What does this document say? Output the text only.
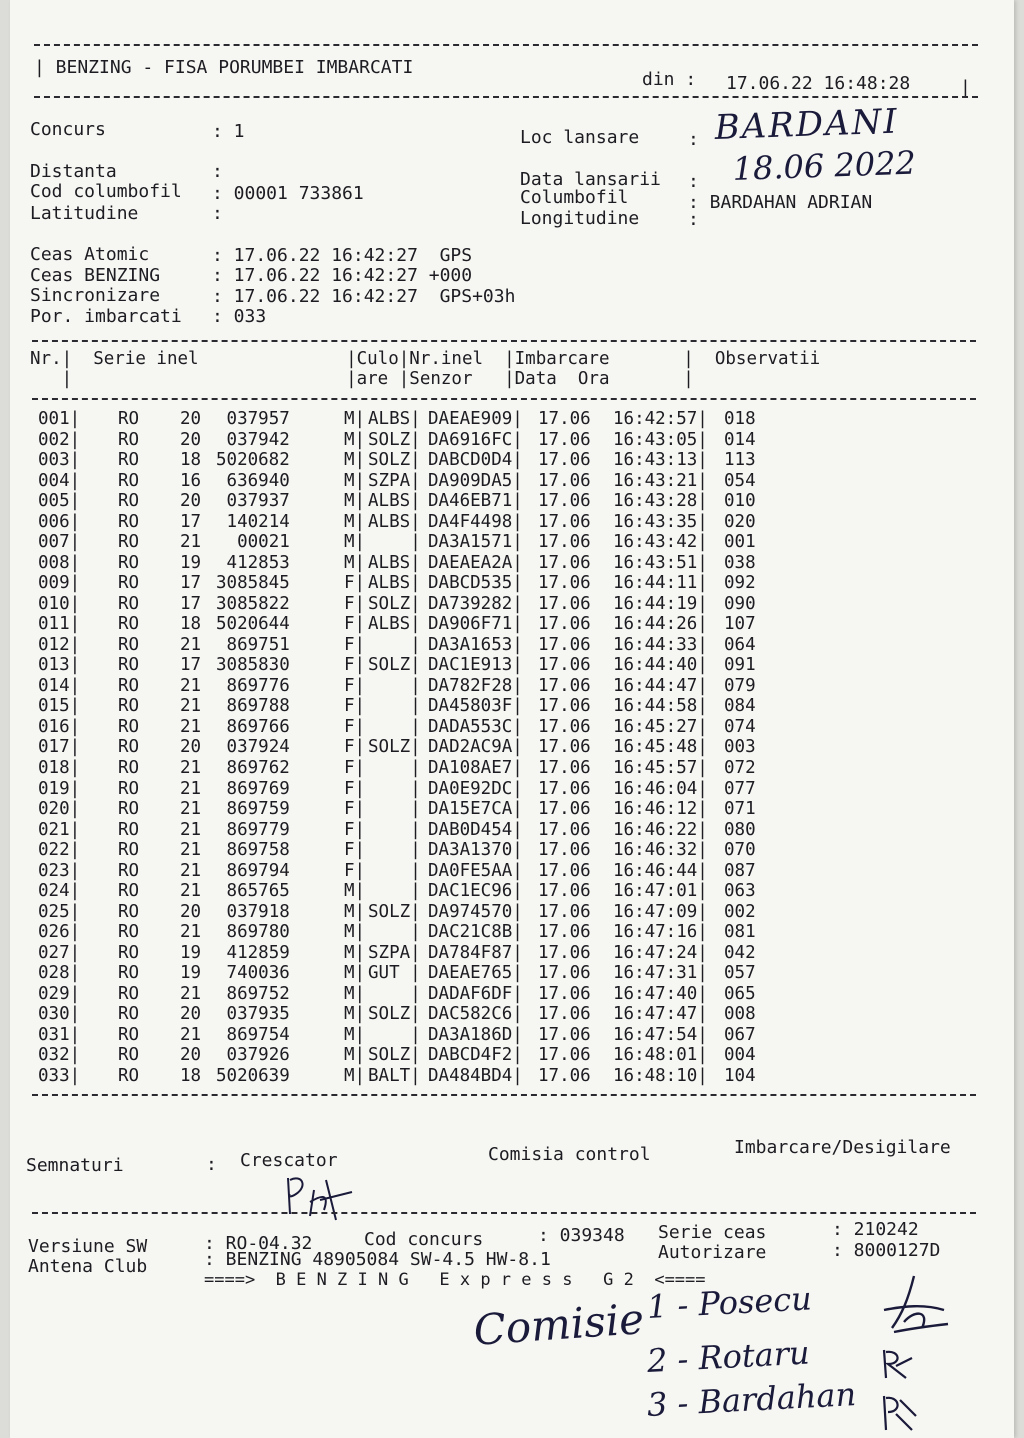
| BENZING - FISA PORUMBEI IMBARCATI
din : 17.06.22 16:48:28	|
Concurs	: 1
Distanta	:
Cod columbofil : 00001 733861
Latitudine	:
Loc lansare	: BARDANI
Data lansarii : 18.06 2022
Columbofil	: BARDAHAN ADRIAN
Longitudine	:
Ceas Atomic	: 17.06.22 16:42:27  GPS
Ceas BENZING	: 17.06.22 16:42:27 +000
Sincronizare	: 17.06.22 16:42:27  GPS+03h
Por. imbarcati : 033
Nr.|  Serie inel              |Culo|Nr.inel  |Imbarcare       |  Observatii
|                          |are |Senzor   |Data  Ora       |
001| RO 20 037957	M| ALBS| DAEAE909| 17.06 16:42:57| 018
002| RO 20 037942	M| SOLZ| DA6916FC| 17.06 16:43:05| 014
003| RO 18 5020682	M| SOLZ| DABCD0D4| 17.06 16:43:13| 113
004| RO 16 636940	M| SZPA| DA909DA5| 17.06 16:43:21| 054
005| RO 20 037937	M| ALBS| DA46EB71| 17.06 16:43:28| 010
006| RO 17 140214	M| ALBS| DA4F4498| 17.06 16:43:35| 020
007| RO 21 00021	M|	| DA3A1571| 17.06 16:43:42| 001
008| RO 19 412853	M| ALBS| DAEAEA2A| 17.06 16:43:51| 038
009| RO 17 3085845	F| ALBS| DABCD535| 17.06 16:44:11| 092
010| RO 17 3085822	F| SOLZ| DA739282| 17.06 16:44:19| 090
011| RO 18 5020644	F| ALBS| DA906F71| 17.06 16:44:26| 107
012| RO 21 869751	F|	| DA3A1653| 17.06 16:44:33| 064
013| RO 17 3085830	F| SOLZ| DAC1E913| 17.06 16:44:40| 091
014| RO 21 869776	F|	| DA782F28| 17.06 16:44:47| 079
015| RO 21 869788	F|	| DA45803F| 17.06 16:44:58| 084
016| RO 21 869766	F|	| DADA553C| 17.06 16:45:27| 074
017| RO 20 037924	F| SOLZ| DAD2AC9A| 17.06 16:45:48| 003
018| RO 21 869762	F|	| DA108AE7| 17.06 16:45:57| 072
019| RO 21 869769	F|	| DA0E92DC| 17.06 16:46:04| 077
020| RO 21 869759	F|	| DA15E7CA| 17.06 16:46:12| 071
021| RO 21 869779	F|	| DAB0D454| 17.06 16:46:22| 080
022| RO 21 869758	F|	| DA3A1370| 17.06 16:46:32| 070
023| RO 21 869794	F|	| DA0FE5AA| 17.06 16:46:44| 087
024| RO 21 865765	M|	| DAC1EC96| 17.06 16:47:01| 063
025| RO 20 037918	M| SOLZ| DA974570| 17.06 16:47:09| 002
026| RO 21 869780	M|	| DAC21C8B| 17.06 16:47:16| 081
027| RO 19 412859	M| SZPA| DA784F87| 17.06 16:47:24| 042
028| RO 19 740036	M| GUT | DAEAE765| 17.06 16:47:31| 057
029| RO 21 869752	M|	| DADAF6DF| 17.06 16:47:40| 065
030| RO 20 037935	M| SOLZ| DAC582C6| 17.06 16:47:47| 008
031| RO 21 869754	M|	| DA3A186D| 17.06 16:47:54| 067
032| RO 20 037926	M| SOLZ| DABCD4F2| 17.06 16:48:01| 004
033| RO 18 5020639	M| BALT| DA484BD4| 17.06 16:48:10| 104
Semnaturi	: Crescator	Comisia control	Imbarcare/Desigilare
Versiune SW	: RO-04.32	Cod concurs	: 039348 Serie ceas	: 210242
Antena Club	: BENZING 48905084 SW-4.5 HW-8.1	Autorizare	: 8000127D
====>  B E N Z I N G   E x p r e s s   G 2  <====
Comisie 1 - Posecu
2 - Rotaru
3 - Bardahan
